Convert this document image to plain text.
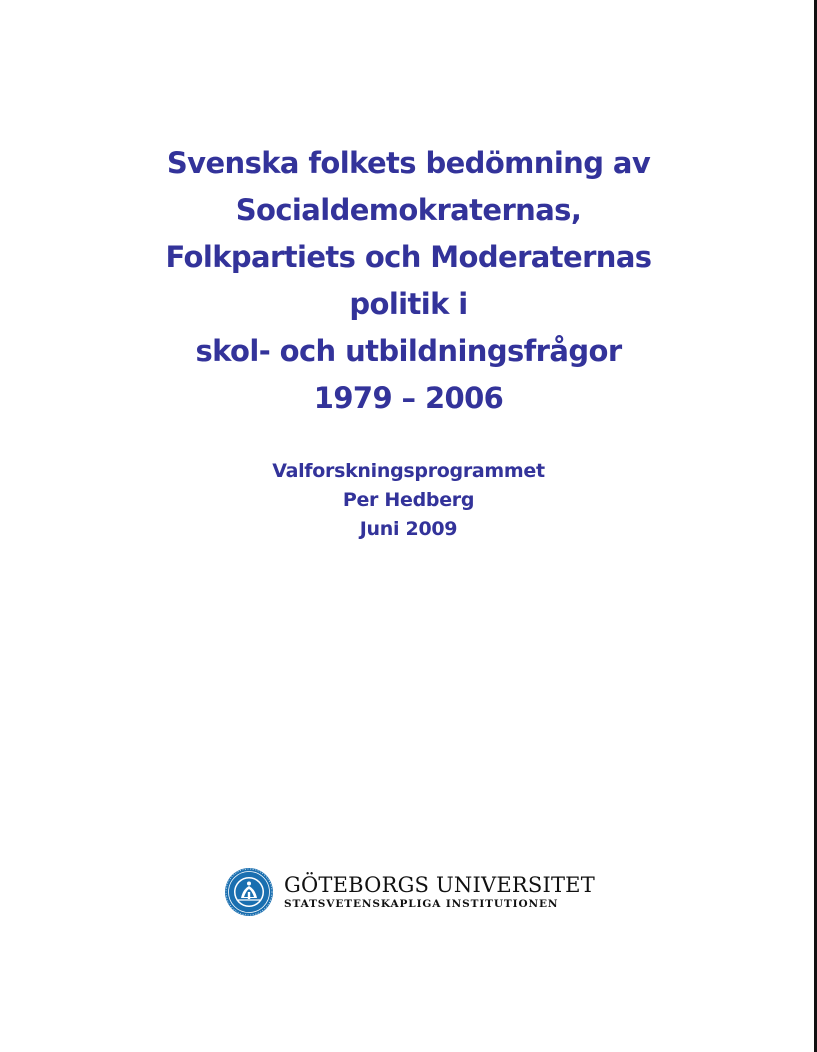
Svenska folkets bedömning av
Socialdemokraternas,
Folkpartiets och Moderaternas
politik i
skol- och utbildningsfrågor
1979 – 2006
Valforskningsprogrammet
Per Hedberg
Juni 2009
GÖTEBORGS UNIVERSITET
STATSVETENSKAPLIGA INSTITUTIONEN
